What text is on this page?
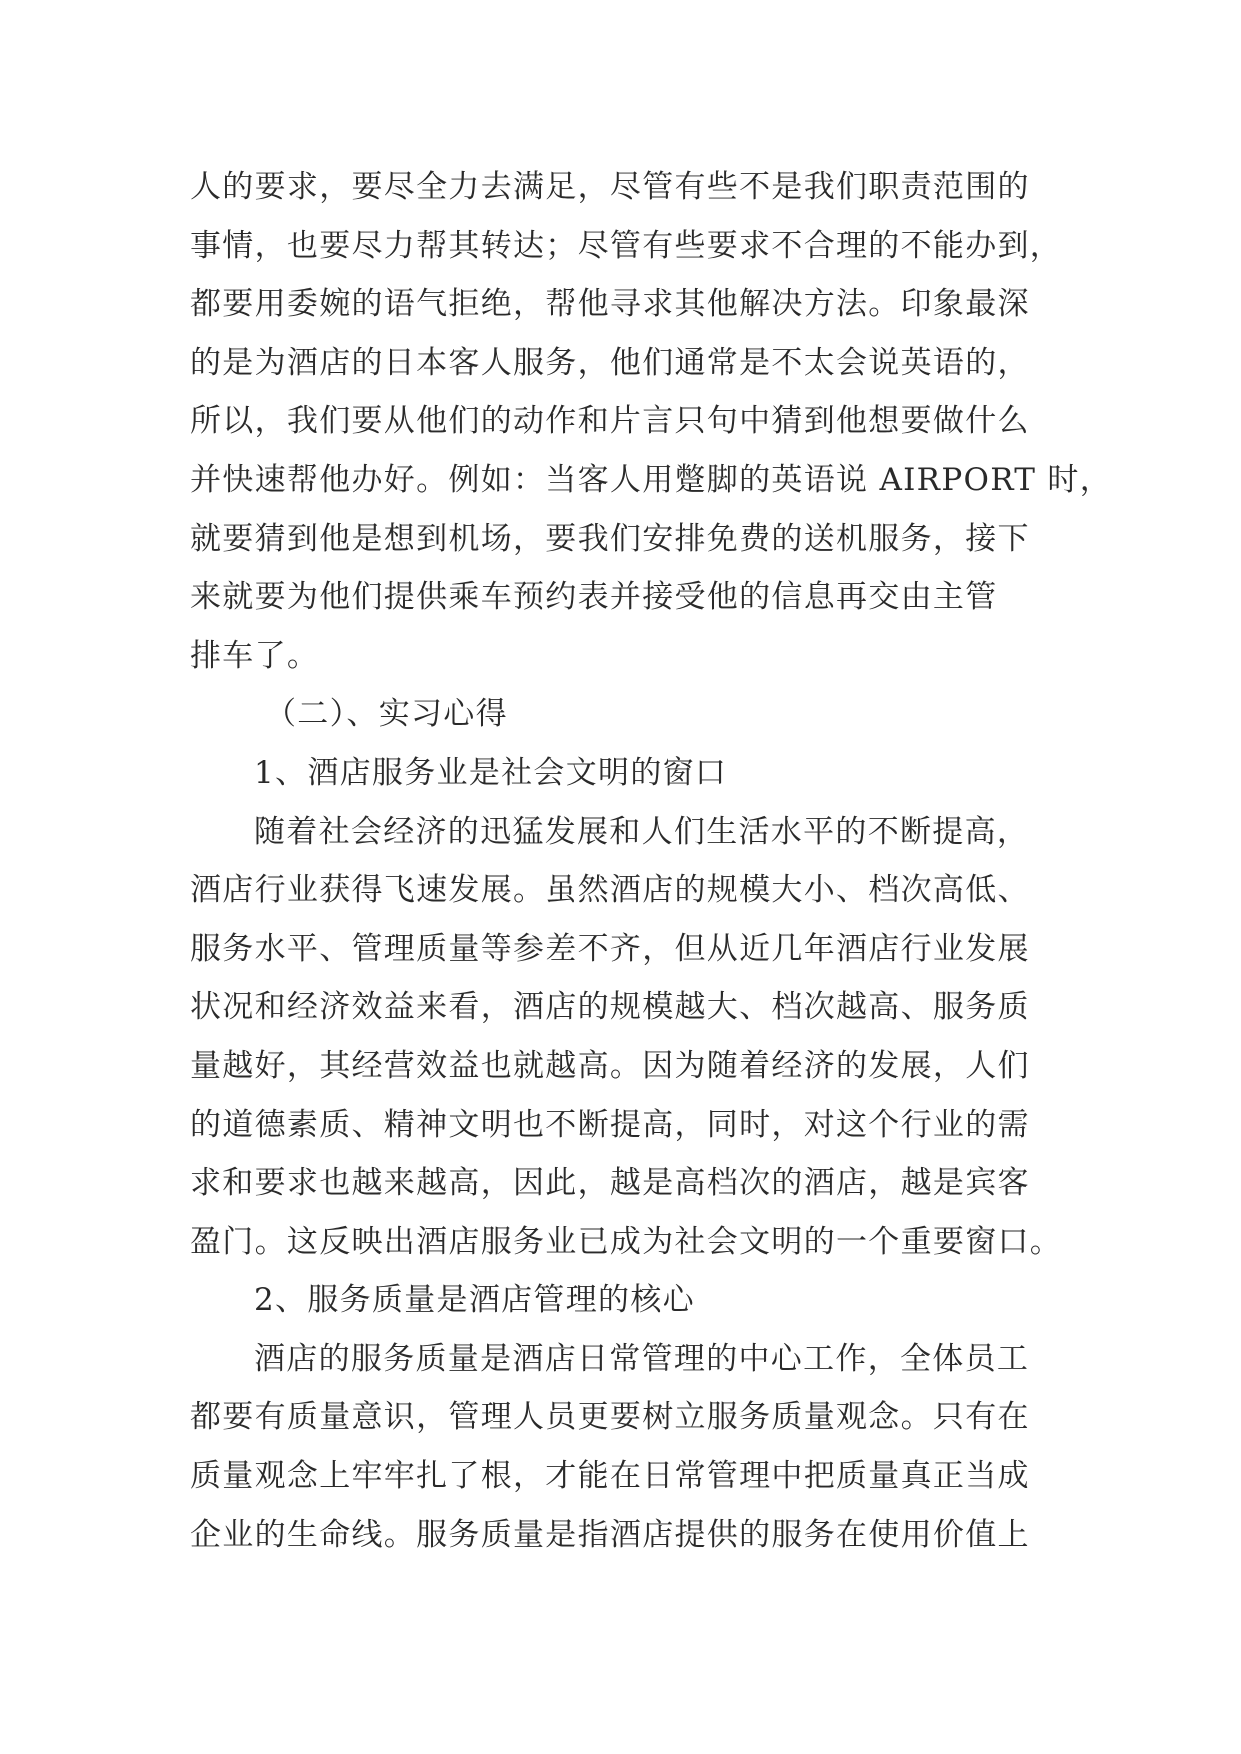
人的要求，要尽全力去满足，尽管有些不是我们职责范围的
事情，也要尽力帮其转达；尽管有些要求不合理的不能办到，
都要用委婉的语气拒绝，帮他寻求其他解决方法。印象最深
的是为酒店的日本客人服务，他们通常是不太会说英语的，
所以，我们要从他们的动作和片言只句中猜到他想要做什么
并快速帮他办好。例如：当客人用蹩脚的英语说 AIRPORT 时，
就要猜到他是想到机场，要我们安排免费的送机服务，接下
来就要为他们提供乘车预约表并接受他的信息再交由主管
排车了。
（二）、实习心得
1、酒店服务业是社会文明的窗口
随着社会经济的迅猛发展和人们生活水平的不断提高，
酒店行业获得飞速发展。虽然酒店的规模大小、档次高低、
服务水平、管理质量等参差不齐，但从近几年酒店行业发展
状况和经济效益来看，酒店的规模越大、档次越高、服务质
量越好，其经营效益也就越高。因为随着经济的发展，人们
的道德素质、精神文明也不断提高，同时，对这个行业的需
求和要求也越来越高，因此，越是高档次的酒店，越是宾客
盈门。这反映出酒店服务业已成为社会文明的一个重要窗口。
2、服务质量是酒店管理的核心
酒店的服务质量是酒店日常管理的中心工作，全体员工
都要有质量意识，管理人员更要树立服务质量观念。只有在
质量观念上牢牢扎了根，才能在日常管理中把质量真正当成
企业的生命线。服务质量是指酒店提供的服务在使用价值上
